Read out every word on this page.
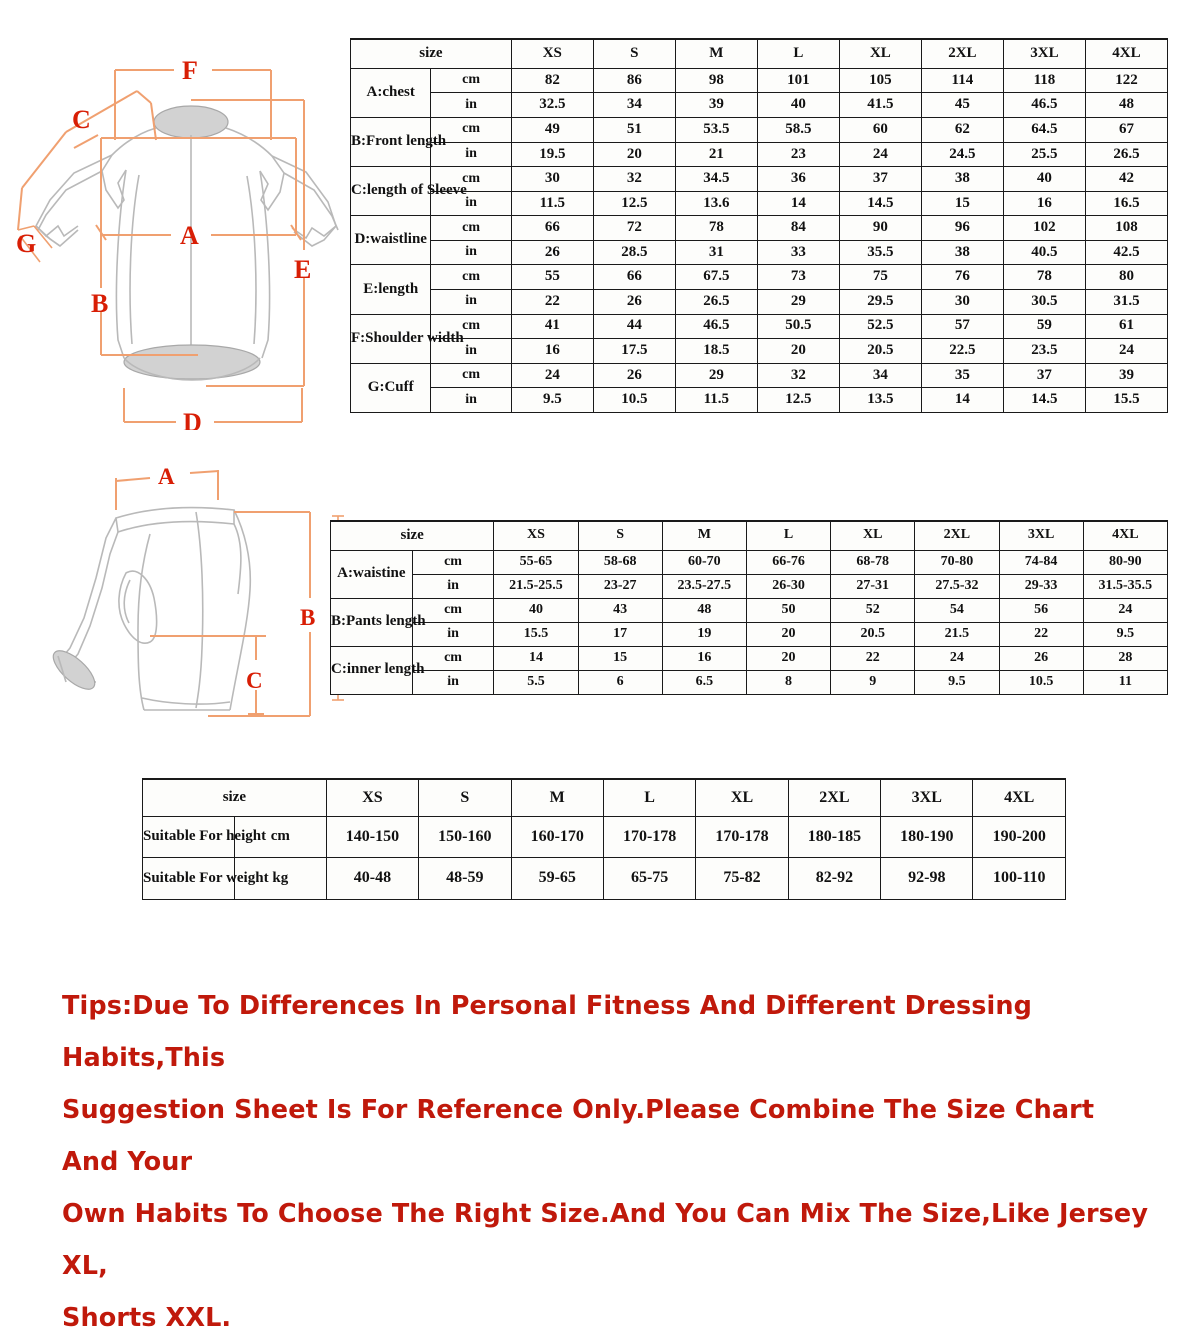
F
C
A
G
B
E
D
A
B
C
size		XS	S	M	L	XL	2XL	3XL	4XL
A:chest	cm	82	86	98	101	105	114	118	122
	in	32.5	34	39	40	41.5	45	46.5	48
B:Front length	cm	49	51	53.5	58.5	60	62	64.5	67
	in	19.5	20	21	23	24	24.5	25.5	26.5
C:length of Sleeve	cm	30	32	34.5	36	37	38	40	42
	in	11.5	12.5	13.6	14	14.5	15	16	16.5
D:waistline	cm	66	72	78	84	90	96	102	108
	in	26	28.5	31	33	35.5	38	40.5	42.5
E:length	cm	55	66	67.5	73	75	76	78	80
	in	22	26	26.5	29	29.5	30	30.5	31.5
F:Shoulder width	cm	41	44	46.5	50.5	52.5	57	59	61
	in	16	17.5	18.5	20	20.5	22.5	23.5	24
G:Cuff	cm	24	26	29	32	34	35	37	39
	in	9.5	10.5	11.5	12.5	13.5	14	14.5	15.5
size		XS	S	M	L	XL	2XL	3XL	4XL
A:waistine	cm	55-65	58-68	60-70	66-76	68-78	70-80	74-84	80-90
	in	21.5-25.5	23-27	23.5-27.5	26-30	27-31	27.5-32	29-33	31.5-35.5
B:Pants length	cm	40	43	48	50	52	54	56	24
	in	15.5	17	19	20	20.5	21.5	22	9.5
C:inner length	cm	14	15	16	20	22	24	26	28
	in	5.5	6	6.5	8	9	9.5	10.5	11
size		XS	S	M	L	XL	2XL	3XL	4XL
Suitable For height	cm	140-150	150-160	160-170	170-178	170-178	180-185	180-190	190-200
Suitable For weight	kg	40-48	48-59	59-65	65-75	75-82	82-92	92-98	100-110
Tips:Due To Differences In Personal Fitness And Different Dressing Habits,This
Suggestion Sheet Is For Reference Only.Please Combine The Size Chart And Your
Own Habits To Choose The Right Size.And You Can Mix The Size,Like Jersey XL,
Shorts XXL.
